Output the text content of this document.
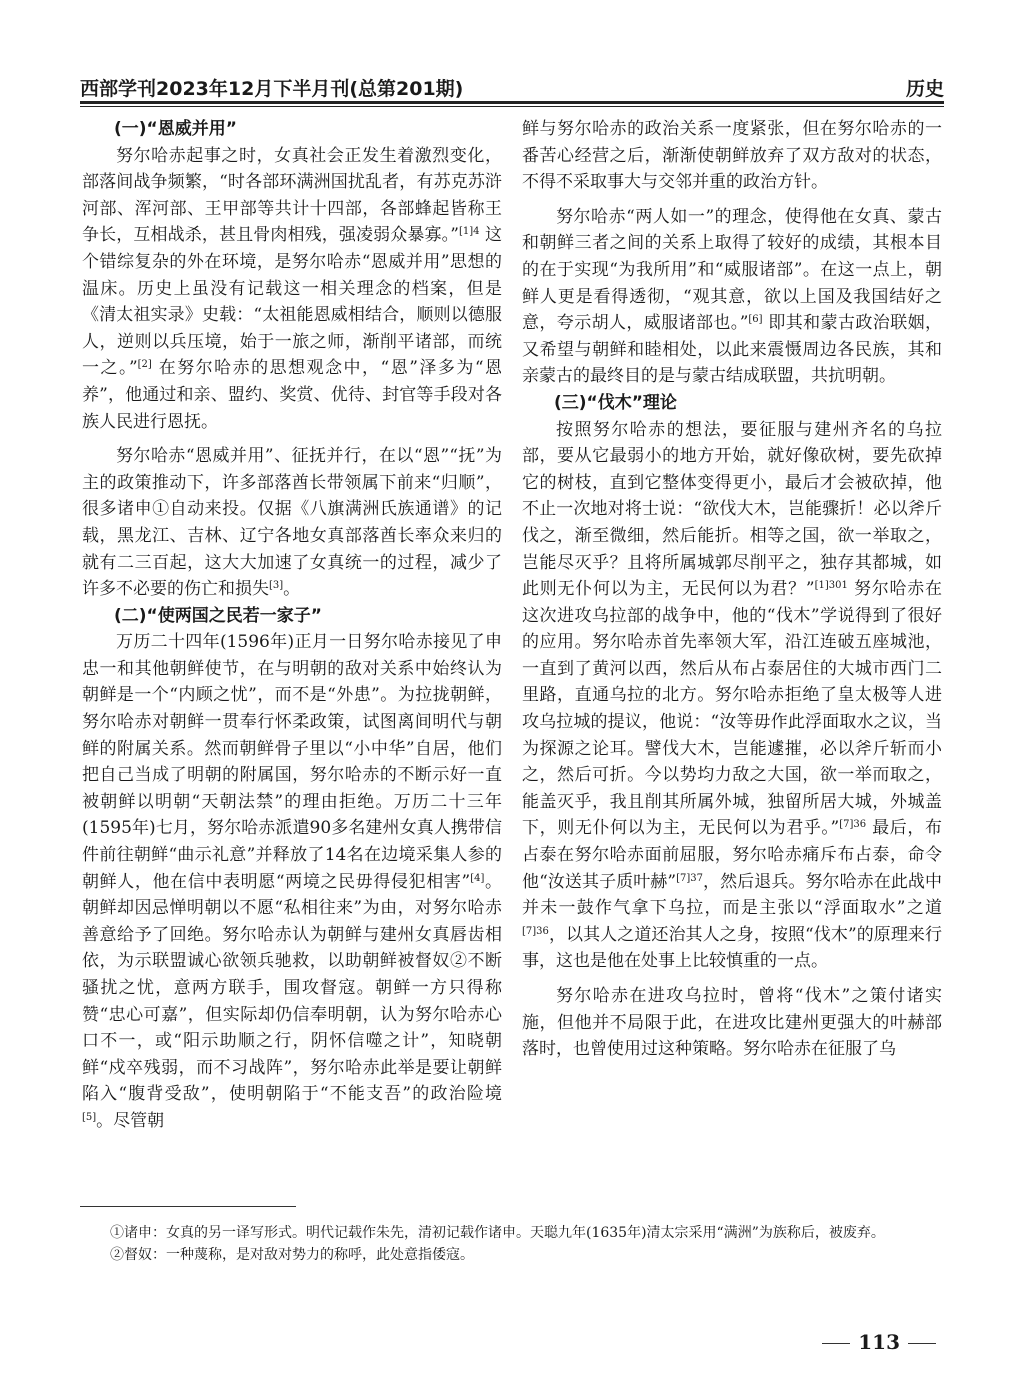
西部学刊2023年12月下半月刊(总第201期)	历史
(一)“恩威并用”

努尔哈赤起事之时，女真社会正发生着激烈变化，部落间战争频繁，“时各部环满洲国扰乱者，有苏克苏浒河部、浑河部、王甲部等共计十四部，各部蜂起皆称王争长，互相战杀，甚且骨肉相残，强凌弱众暴寡。”$^{[1]4}$ 这个错综复杂的外在环境，是努尔哈赤“恩威并用”思想的温床。历史上虽没有记载这一相关理念的档案，但是《清太祖实录》史载：“太祖能恩威相结合，顺则以德服人，逆则以兵压境，始于一旅之师，渐削平诸部，而统一之。”[2] 在努尔哈赤的思想观念中，“恩”泽多为“恩养”，他通过和亲、盟约、奖赏、优待、封官等手段对各族人民进行恩抚。

努尔哈赤“恩威并用”、征抚并行，在以“恩”“抚”为主的政策推动下，许多部落酋长带领属下前来“归顺”，很多诸申①自动来投。仅据《八旗满洲氏族通谱》的记载，黑龙江、吉林、辽宁各地女真部落酋长率众来归的就有二三百起，这大大加速了女真统一的过程，减少了许多不必要的伤亡和损失[3]。

(二)“使两国之民若一家子”

万历二十四年(1596年)正月一日努尔哈赤接见了申忠一和其他朝鲜使节，在与明朝的敌对关系中始终认为朝鲜是一个“内顾之忧”，而不是“外患”。为拉拢朝鲜，努尔哈赤对朝鲜一贯奉行怀柔政策，试图离间明代与朝鲜的附属关系。然而朝鲜骨子里以“小中华”自居，他们把自己当成了明朝的附属国，努尔哈赤的不断示好一直被朝鲜以明朝“天朝法禁”的理由拒绝。万历二十三年(1595年)七月，努尔哈赤派遣90多名建州女真人携带信件前往朝鲜“曲示礼意”并释放了14名在边境采集人参的朝鲜人，他在信中表明愿“两境之民毋得侵犯相害”[4]。朝鲜却因忌惮明朝以不愿“私相往来”为由，对努尔哈赤善意给予了回绝。努尔哈赤认为朝鲜与建州女真唇齿相依，为示联盟诚心欲领兵驰救，以助朝鲜被督奴②不断骚扰之忧，意两方联手，围攻督寇。朝鲜一方只得称赞“忠心可嘉”，但实际却仍信奉明朝，认为努尔哈赤心口不一，或“阳示助顺之行，阴怀信噬之计”，知晓朝鲜“戍卒残弱，而不习战阵”，努尔哈赤此举是要让朝鲜陷入“腹背受敌”，使明朝陷于“不能支吾”的政治险境[5]。尽管朝

鲜与努尔哈赤的政治关系一度紧张，但在努尔哈赤的一番苦心经营之后，渐渐使朝鲜放弃了双方敌对的状态，不得不采取事大与交邻并重的政治方针。

努尔哈赤“两人如一”的理念，使得他在女真、蒙古和朝鲜三者之间的关系上取得了较好的成绩，其根本目的在于实现“为我所用”和“威服诸部”。在这一点上，朝鲜人更是看得透彻，“观其意，欲以上国及我国结好之意，夸示胡人，威服诸部也。”[6] 即其和蒙古政治联姻，又希望与朝鲜和睦相处，以此来震慑周边各民族，其和亲蒙古的最终目的是与蒙古结成联盟，共抗明朝。

(三)“伐木”理论

按照努尔哈赤的想法，要征服与建州齐名的乌拉部，要从它最弱小的地方开始，就好像砍树，要先砍掉它的树枝，直到它整体变得更小，最后才会被砍掉，他不止一次地对将士说：“欲伐大木，岂能骤折！必以斧斤伐之，渐至微细，然后能折。相等之国，欲一举取之，岂能尽灭乎？且将所属城郭尽削平之，独存其都城，如此则无仆何以为主，无民何以为君？”$^{[1]301}$ 努尔哈赤在这次进攻乌拉部的战争中，他的“伐木”学说得到了很好的应用。努尔哈赤首先率领大军，沿江连破五座城池，一直到了黄河以西，然后从布占泰居住的大城市西门二里路，直通乌拉的北方。努尔哈赤拒绝了皇太极等人进攻乌拉城的提议，他说：“汝等毋作此浮面取水之议，当为探源之论耳。譬伐大木，岂能遽摧，必以斧斤斩而小之，然后可折。今以势均力敌之大国，欲一举而取之，能盖灭乎，我且削其所属外城，独留所居大城，外城盖下，则无仆何以为主，无民何以为君乎。”$^{[7]36}$ 最后，布占泰在努尔哈赤面前屈服，努尔哈赤痛斥布占泰，命令他“汝送其子质叶赫”$^{[7]37}$，然后退兵。努尔哈赤在此战中并未一鼓作气拿下乌拉，而是主张以“浮面取水”之道$^{[7]36}$，以其人之道还治其人之身，按照“伐木”的原理来行事，这也是他在处事上比较慎重的一点。

努尔哈赤在进攻乌拉时，曾将“伐木”之策付诸实施，但他并不局限于此，在进攻比建州更强大的叶赫部落时，也曾使用过这种策略。努尔哈赤在征服了乌

①诸申：女真的另一译写形式。明代记载作朱先，清初记载作诸申。天聪九年(1635年)清太宗采用“满洲”为族称后，被废弃。
②督奴：一种蔑称，是对敌对势力的称呼，此处意指倭寇。
113
